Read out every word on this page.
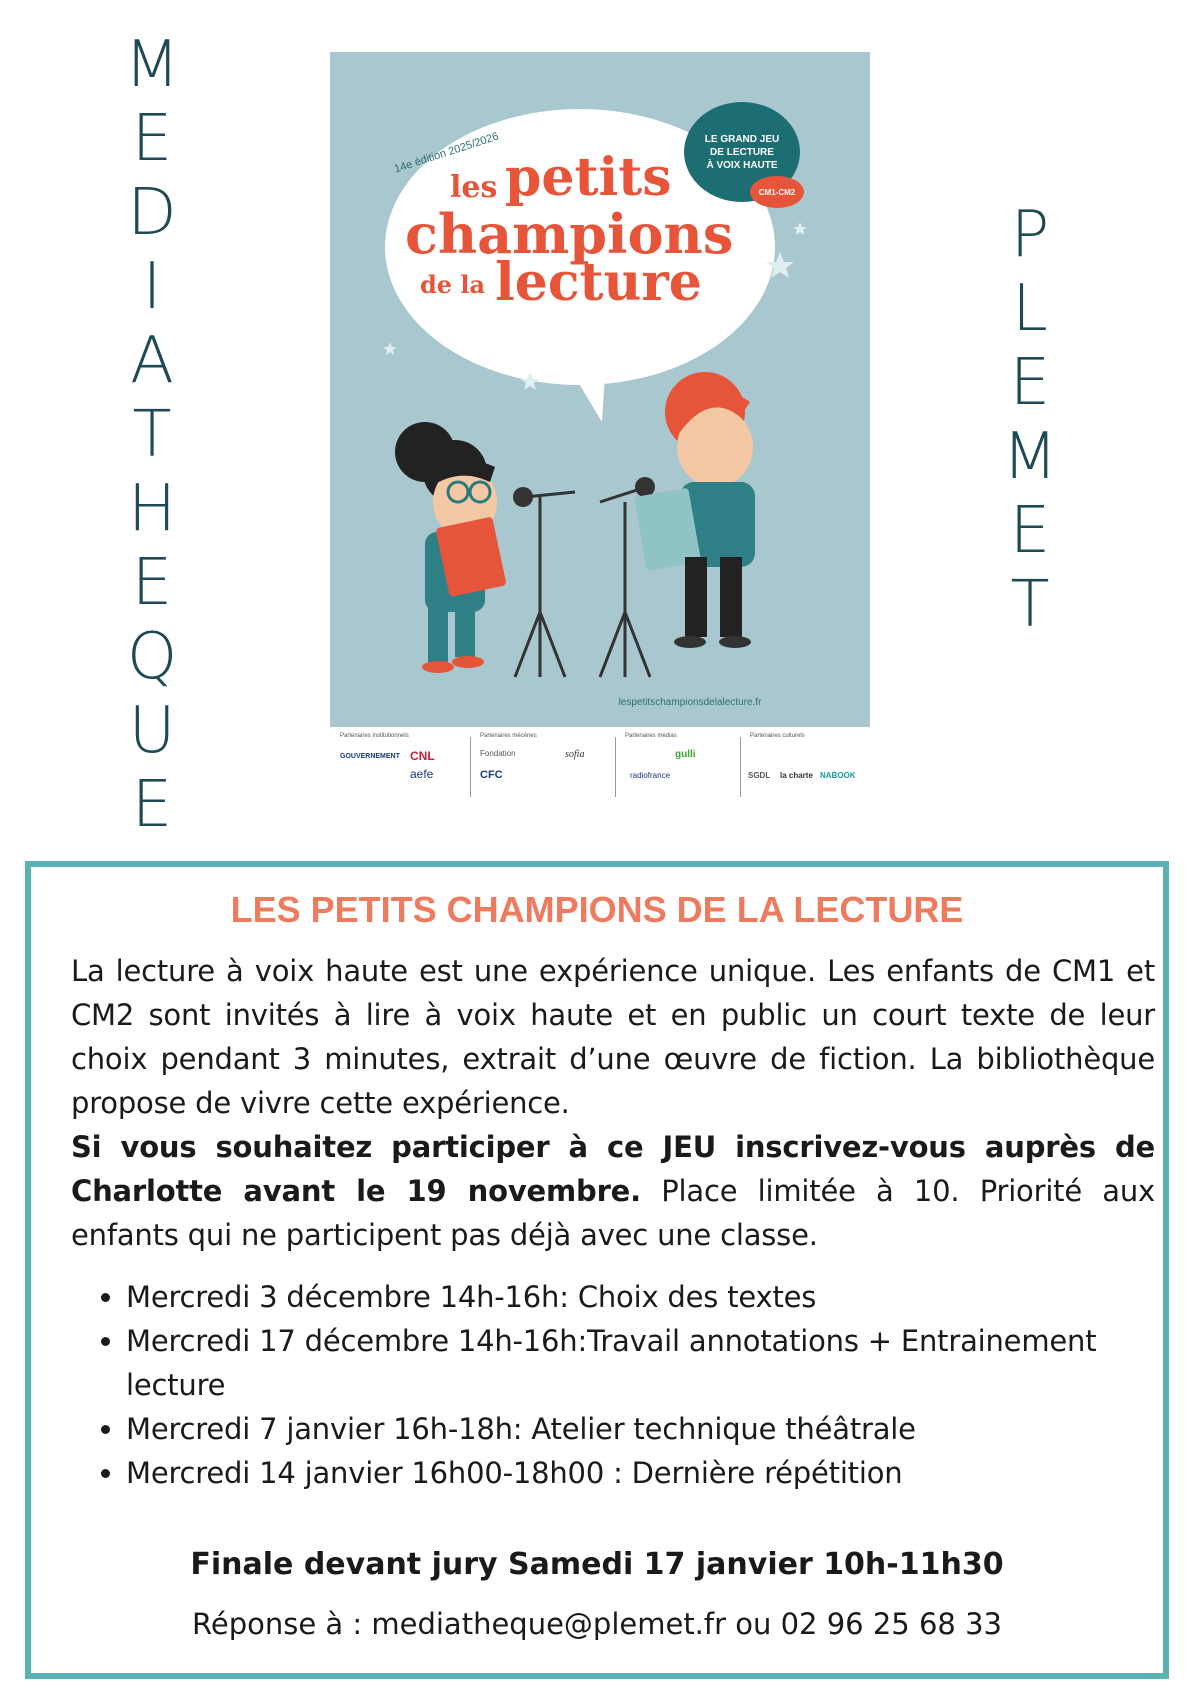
M
E
D
I
A
T
H
E
Q
U
E
P
L
E
M
E
T
14e édition 2025/2026
les petits
champions
de la lecture
LE GRAND JEU
DE LECTURE
À VOIX HAUTE
CM1-CM2
lespetitschampionsdelalecture.fr
Partenaires institutionnels	Partenaires mécènes	Partenaires médias	Partenaires culturels
GOUVERNEMENT CNL
aefe
Fondation
CFC
sofia	gulli
radiofrance	SGDL la charte NABOOK
LES PETITS CHAMPIONS DE LA LECTURE

La lecture à voix haute est une expérience unique. Les enfants de CM1 et CM2 sont invités à lire à voix haute et en public un court texte de leur choix pendant 3 minutes, extrait d’une œuvre de fiction. La bibliothèque propose de vivre cette expérience.
Si vous souhaitez participer à ce JEU inscrivez-vous auprès de Charlotte avant le 19 novembre. Place limitée à 10. Priorité aux enfants qui ne participent pas déjà avec une classe.

• Mercredi 3 décembre 14h-16h: Choix des textes
• Mercredi 17 décembre 14h-16h:Travail annotations + Entrainement lecture
• Mercredi 7 janvier 16h-18h: Atelier technique théâtrale
• Mercredi 14 janvier 16h00-18h00 : Dernière répétition
Finale devant jury Samedi 17 janvier 10h-11h30
Réponse à : mediatheque@plemet.fr ou 02 96 25 68 33
